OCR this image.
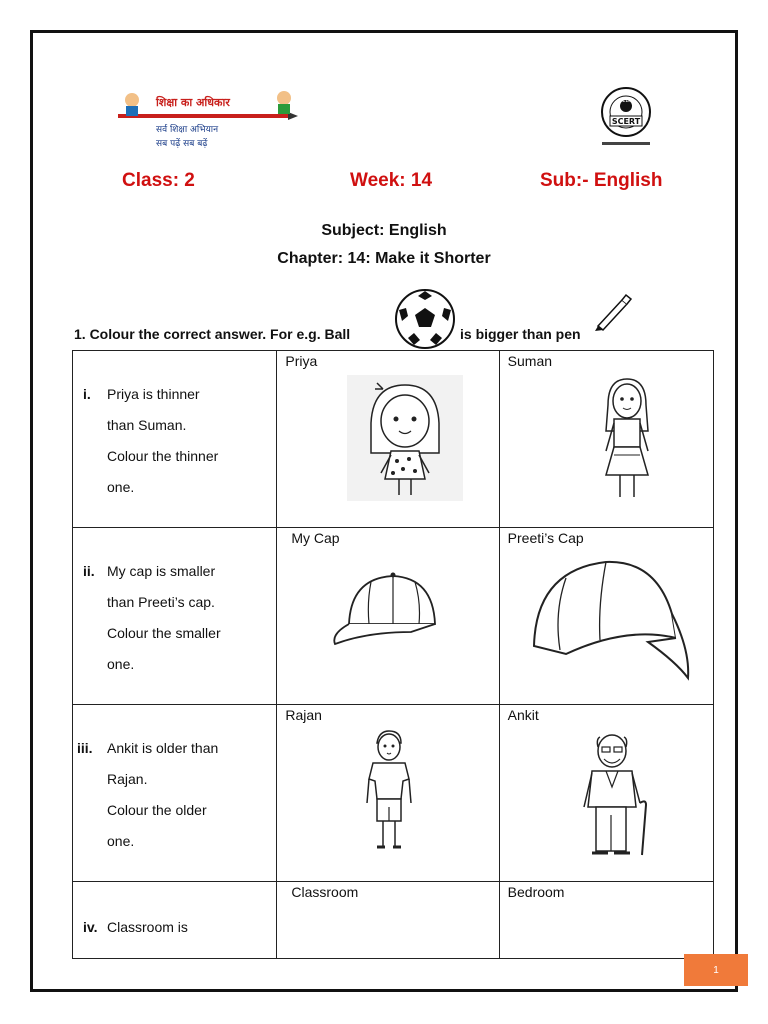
शिक्षा का अधिकार
सर्व शिक्षा अभियान
सब पढ़ें सब बढ़ें
DELHI
SCERT
Class: 2	Week: 14	Sub:- English
Subject: English
Chapter: 14: Make it Shorter
1. Colour the correct answer. For e.g. Ball	is bigger than pen
i. Priya is thinner
than Suman.
Colour the thinner
one.	Priya	Suman

ii. My cap is smaller
than Preeti’s cap.
Colour the smaller
one.	My Cap	Preeti’s Cap

iii. Ankit is older than
Rajan.
Colour the older
one.	Rajan	Ankit

iv. Classroom is	Classroom	Bedroom
1
